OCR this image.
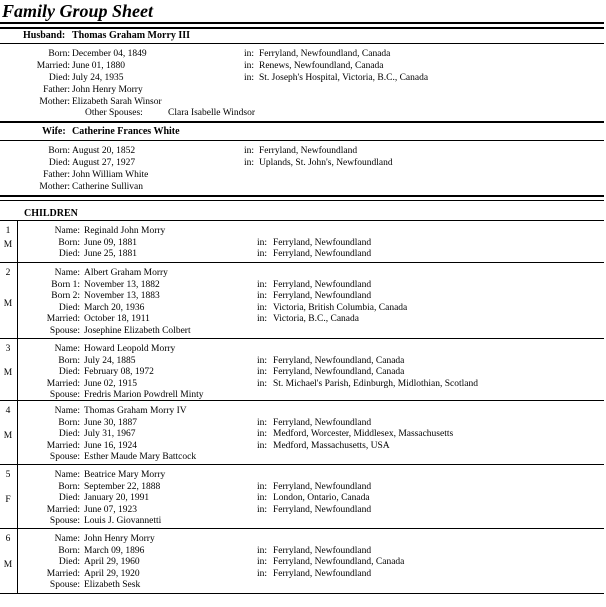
Family Group Sheet
Husband: Thomas Graham Morry III
Born: December 04, 1849	in: Ferryland, Newfoundland, Canada
Married: June 01, 1880	in: Renews, Newfoundland, Canada
Died: July 24, 1935	in: St. Joseph's Hospital, Victoria, B.C., Canada
Father: John Henry Morry
Mother: Elizabeth Sarah Winsor
Other Spouses:	Clara Isabelle Windsor
Wife: Catherine Frances White
Born: August 20, 1852	in: Ferryland, Newfoundland
Died: August 27, 1927	in: Uplands, St. John's, Newfoundland
Father: John William White
Mother: Catherine Sullivan
CHILDREN
1
M
Name: Reginald John Morry
Born: June 09, 1881	in: Ferryland, Newfoundland
Died: June 25, 1881	in: Ferryland, Newfoundland
2
M
Name: Albert Graham Morry
Born 1: November 13, 1882	in: Ferryland, Newfoundland
Born 2: November 13, 1883	in: Ferryland, Newfoundland
Died: March 20, 1936	in: Victoria, British Columbia, Canada
Married: October 18, 1911	in: Victoria, B.C., Canada
Spouse: Josephine Elizabeth Colbert
3
M
Name: Howard Leopold Morry
Born: July 24, 1885	in: Ferryland, Newfoundland, Canada
Died: February 08, 1972	in: Ferryland, Newfoundland, Canada
Married: June 02, 1915	in: St. Michael's Parish, Edinburgh, Midlothian, Scotland
Spouse: Fredris Marion Powdrell Minty
4
M
Name: Thomas Graham Morry IV
Born: June 30, 1887	in: Ferryland, Newfoundland
Died: July 31, 1967	in: Medford, Worcester, Middlesex, Massachusetts
Married: June 16, 1924	in: Medford, Massachusetts, USA
Spouse: Esther Maude Mary Battcock
5
F
Name: Beatrice Mary Morry
Born: September 22, 1888	in: Ferryland, Newfoundland
Died: January 20, 1991	in: London, Ontario, Canada
Married: June 07, 1923	in: Ferryland, Newfoundland
Spouse: Louis J. Giovannetti
6
M
Name: John Henry Morry
Born: March 09, 1896	in: Ferryland, Newfoundland
Died: April 29, 1960	in: Ferryland, Newfoundland, Canada
Married: April 29, 1920	in: Ferryland, Newfoundland
Spouse: Elizabeth Sesk
